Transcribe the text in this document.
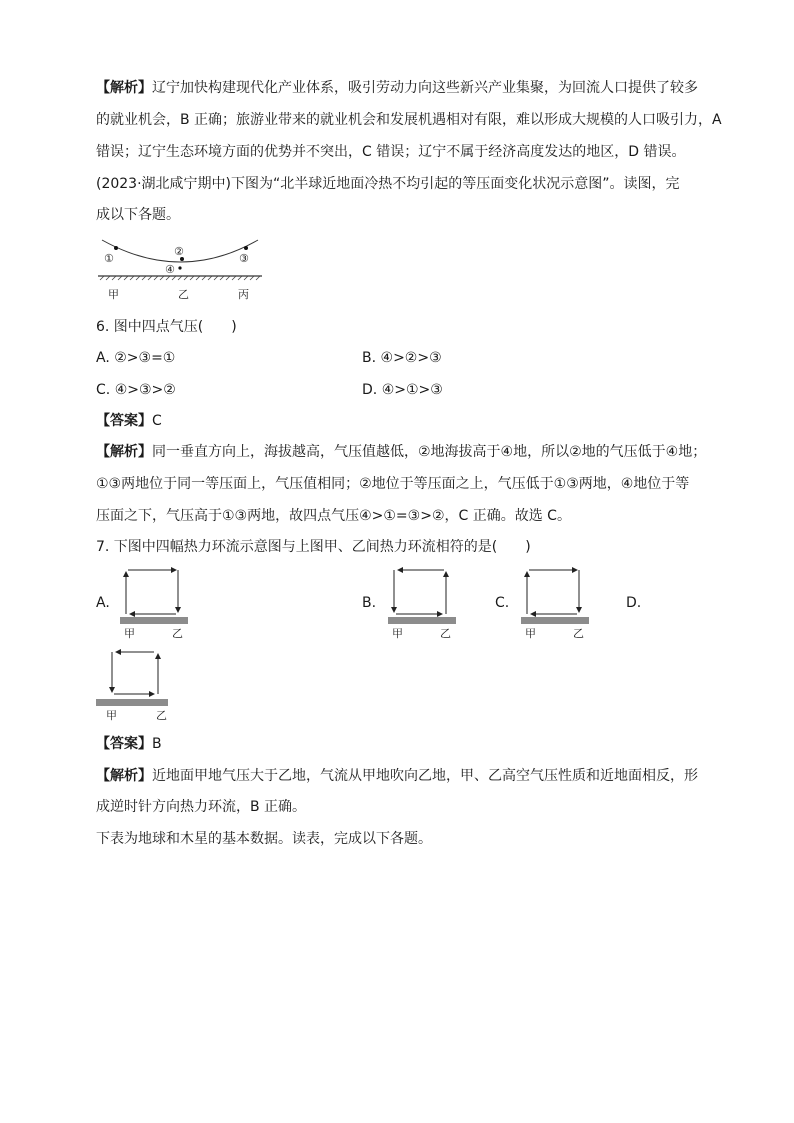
【解析】辽宁加快构建现代化产业体系，吸引劳动力向这些新兴产业集聚，为回流人口提供了较多
的就业机会，B 正确；旅游业带来的就业机会和发展机遇相对有限，难以形成大规模的人口吸引力，A
错误；辽宁生态环境方面的优势并不突出，C 错误；辽宁不属于经济高度发达的地区，D 错误。
(2023·湖北咸宁期中)下图为“北半球近地面冷热不均引起的等压面变化状况示意图”。读图，完
成以下各题。
①
②
③
④
甲	乙	丙
6. 图中四点气压(　　)
A. ②>③=①	B. ④>②>③
C. ④>③>②	D. ④>①>③
【答案】C
【解析】同一垂直方向上，海拔越高，气压值越低，②地海拔高于④地，所以②地的气压低于④地；
①③两地位于同一等压面上，气压值相同；②地位于等压面之上，气压低于①③两地，④地位于等
压面之下，气压高于①③两地，故四点气压④>①=③>②，C 正确。故选 C。
7. 下图中四幅热力环流示意图与上图甲、乙间热力环流相符的是(　　)
A.
甲	乙
B.
甲	乙
C.
甲	乙
D.
甲	乙
【答案】B
【解析】近地面甲地气压大于乙地，气流从甲地吹向乙地，甲、乙高空气压性质和近地面相反，形
成逆时针方向热力环流，B 正确。
下表为地球和木星的基本数据。读表，完成以下各题。
